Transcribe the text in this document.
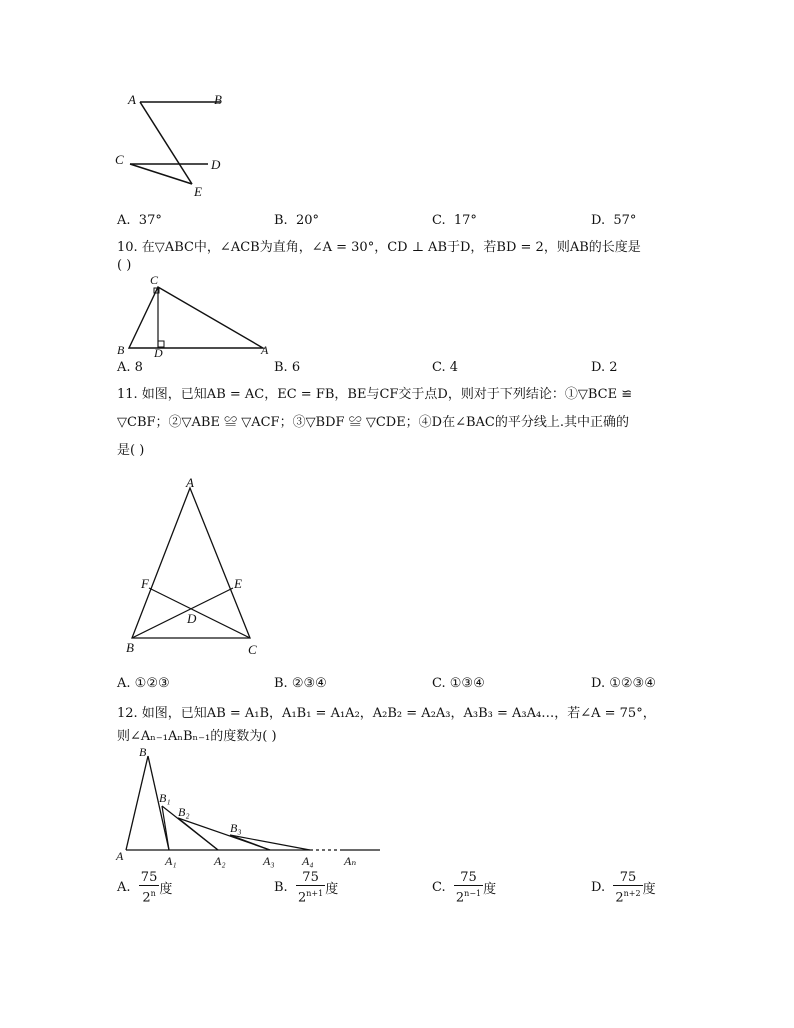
A	B
C	D
E
A. 37°	B. 20°	C. 17°	D. 57°
10. 在▽ABC中，∠ACB为直角，∠A = 30°，CD ⊥ AB于D，若BD = 2，则AB的长度是
( )
C
B D	A
A. 8	B. 6	C. 4	D. 2
11. 如图，已知AB = AC，EC = FB，BE与CF交于点D，则对于下列结论：①▽BCE ≌
▽CBF；②▽ABE ≌ ▽ACF；③▽BDF ≌ ▽CDE；④D在∠BAC的平分线上.其中正确的
是( )
A
F	E
D
B	C
A. ①②③	B. ②③④	C. ①③④	D. ①②③④
12. 如图，已知AB = A₁B，A₁B₁ = A₁A₂，A₂B₂ = A₂A₃，A₃B₃ = A₃A₄…，若∠A = 75°，
则∠Aₙ₋₁AₙBₙ₋₁的度数为( )
B
B₁
B₂
B₃
A	A₁	A₂	A₃ A₄	Aₙ
A. $\frac{75}{2^n}$ 度	B. $\frac{75}{2^{n+1}}$ 度	C. $\frac{75}{2^{n-1}}$ 度	D. $\frac{75}{2^{n+2}}$ 度
